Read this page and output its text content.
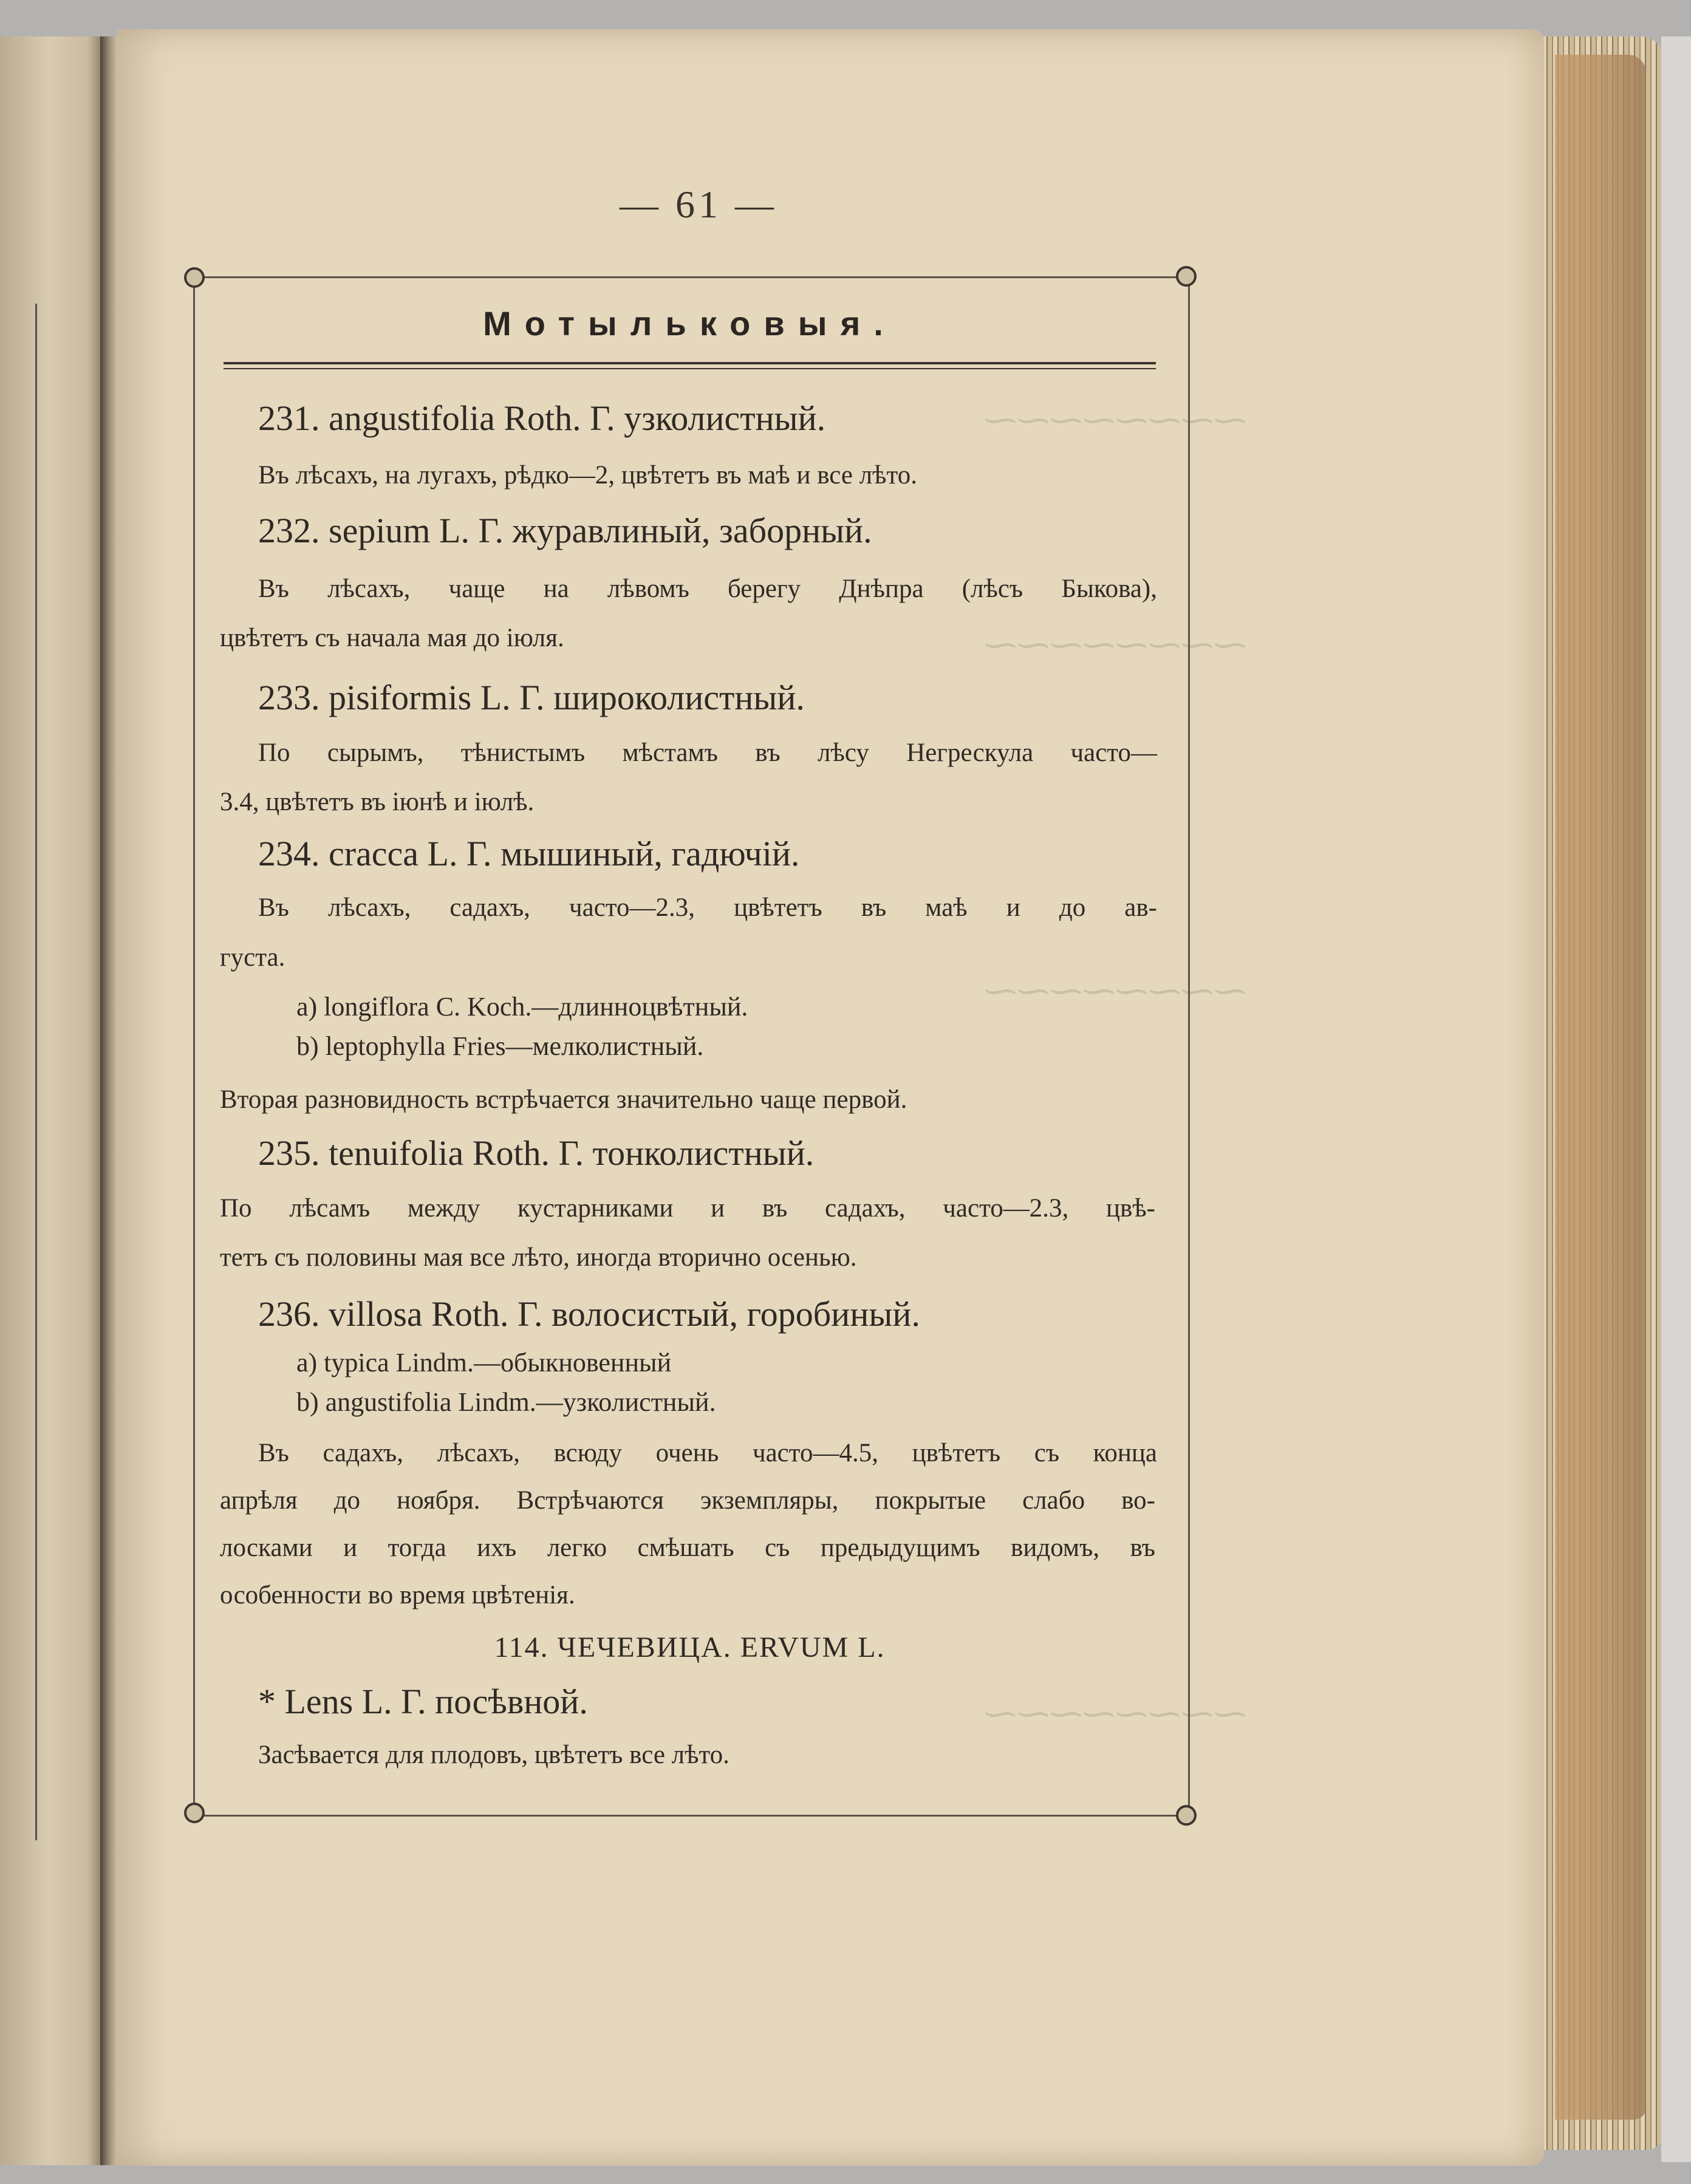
⁓⁓⁓⁓⁓⁓⁓⁓
⁓⁓⁓⁓⁓⁓⁓⁓
⁓⁓⁓⁓⁓⁓⁓⁓
⁓⁓⁓⁓⁓⁓⁓⁓
— 61 —
Мотыльковыя.
231. angustifolia Roth. Г. узколистный.
Въ лѣсахъ, на лугахъ, рѣдко—2, цвѣтетъ въ маѣ и все лѣто.
232. sepium L. Г. журавлиный, заборный.
Въ лѣсахъ, чаще на лѣвомъ берегу Днѣпра (лѣсъ Быкова),
цвѣтетъ съ начала мая до іюля.
233. pisiformis L. Г. широколистный.
По сырымъ, тѣнистымъ мѣстамъ въ лѣсу Негрескула часто—
3.4, цвѣтетъ въ іюнѣ и іюлѣ.
234. cracca L. Г. мышиный, гадючій.
Въ лѣсахъ, садахъ, часто—2.3, цвѣтетъ въ маѣ и до ав-
густа.
a) longiflora C. Koch.—длинноцвѣтный.
b) leptophylla Fries—мелколистный.
Вторая разновидность встрѣчается значительно чаще первой.
235. tenuifolia Roth. Г. тонколистный.
По лѣсамъ между кустарниками и въ садахъ, часто—2.3, цвѣ-
тетъ съ половины мая все лѣто, иногда вторично осенью.
236. villosa Roth. Г. волосистый, горобиный.
a) typica Lindm.—обыкновенный
b) angustifolia Lindm.—узколистный.
Въ садахъ, лѣсахъ, всюду очень часто—4.5, цвѣтетъ съ конца
апрѣля до ноября. Встрѣчаются экземпляры, покрытые слабо во-
лосками и тогда ихъ легко смѣшать съ предыдущимъ видомъ, въ
особенности во время цвѣтенія.
114. ЧЕЧЕВИЦА. ERVUM L.
* Lens L. Г. посѣвной.
Засѣвается для плодовъ, цвѣтетъ все лѣто.
